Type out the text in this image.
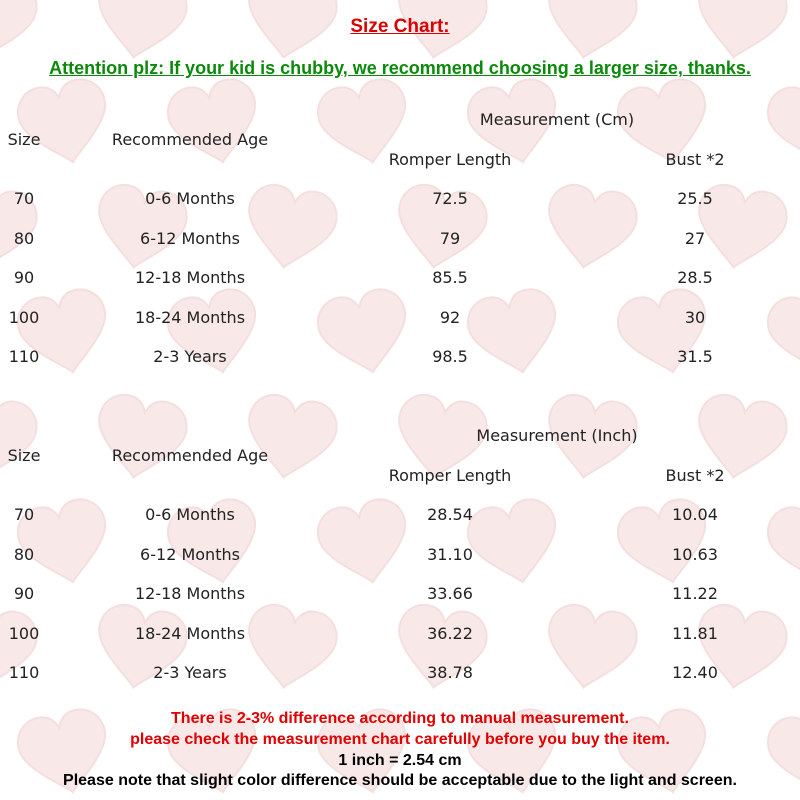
Size Chart:
Attention plz: If your kid is chubby, we recommend choosing a larger size, thanks.
Measurement (Cm)
Size	Recommended Age
Romper Length	Bust *2
70	0-6 Months	72.5	25.5
80	6-12 Months	79	27
90	12-18 Months	85.5	28.5
100	18-24 Months	92	30
110	2-3 Years	98.5	31.5
Measurement (Inch)
Size	Recommended Age
Romper Length	Bust *2
70	0-6 Months	28.54	10.04
80	6-12 Months	31.10	10.63
90	12-18 Months	33.66	11.22
100	18-24 Months	36.22	11.81
110	2-3 Years	38.78	12.40
There is 2-3% difference according to manual measurement.
please check the measurement chart carefully before you buy the item.
1 inch = 2.54 cm
Please note that slight color difference should be acceptable due to the light and screen.
